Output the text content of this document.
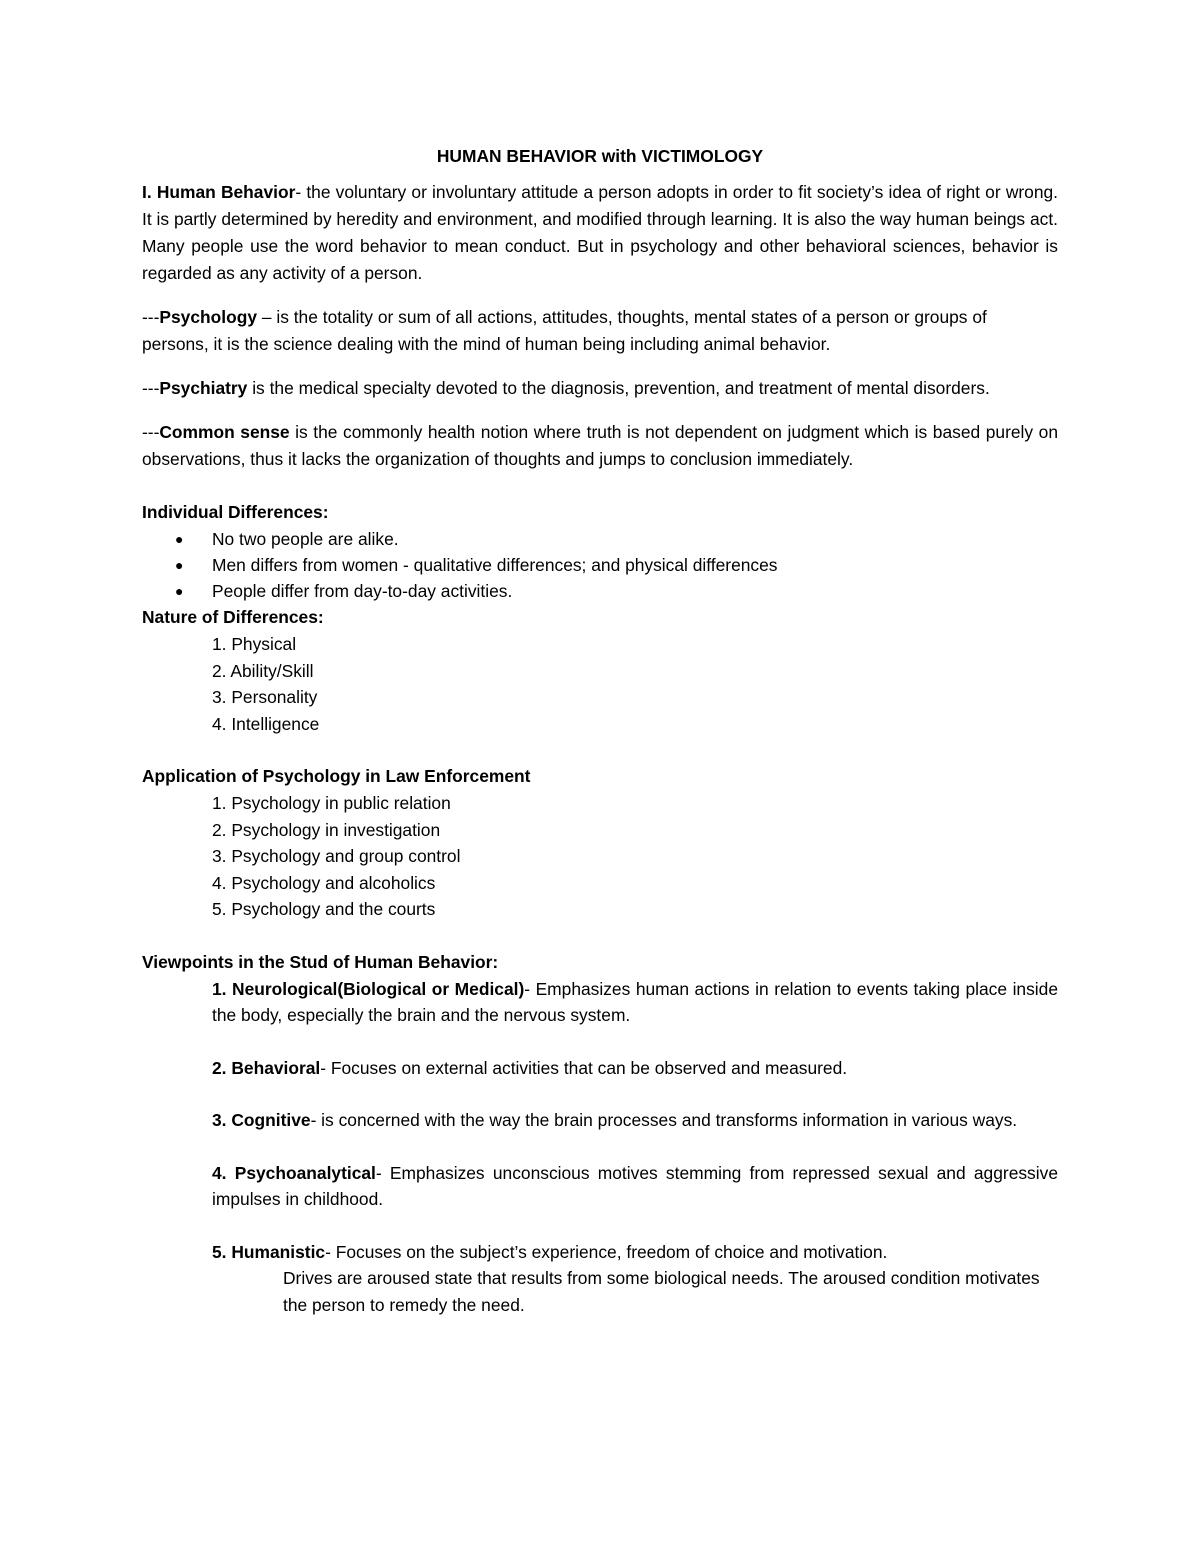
HUMAN BEHAVIOR with VICTIMOLOGY

I. Human Behavior- the voluntary or involuntary attitude a person adopts in order to fit society’s idea of right or wrong. It is partly determined by heredity and environment, and modified through learning. It is also the way human beings act. Many people use the word behavior to mean conduct. But in psychology and other behavioral sciences, behavior is regarded as any activity of a person.

---Psychology – is the totality or sum of all actions, attitudes, thoughts, mental states of a person or groups of persons, it is the science dealing with the mind of human being including animal behavior.

---Psychiatry is the medical specialty devoted to the diagnosis, prevention, and treatment of mental disorders.

---Common sense is the commonly health notion where truth is not dependent on judgment which is based purely on observations, thus it lacks the organization of thoughts and jumps to conclusion immediately.

Individual Differences:

● No two people are alike.
● Men differs from women - qualitative differences; and physical differences
● People differ from day-to-day activities.

Nature of Differences:

1. Physical
2. Ability/Skill
3. Personality
4. Intelligence

Application of Psychology in Law Enforcement

1. Psychology in public relation
2. Psychology in investigation
3. Psychology and group control
4. Psychology and alcoholics
5. Psychology and the courts

Viewpoints in the Stud of Human Behavior:

1. Neurological(Biological or Medical)- Emphasizes human actions in relation to events taking place inside the body, especially the brain and the nervous system.

2. Behavioral- Focuses on external activities that can be observed and measured.

3. Cognitive- is concerned with the way the brain processes and transforms information in various ways.

4. Psychoanalytical- Emphasizes unconscious motives stemming from repressed sexual and aggressive impulses in childhood.

5. Humanistic- Focuses on the subject’s experience, freedom of choice and motivation.

Drives are aroused state that results from some biological needs. The aroused condition motivates the person to remedy the need.
